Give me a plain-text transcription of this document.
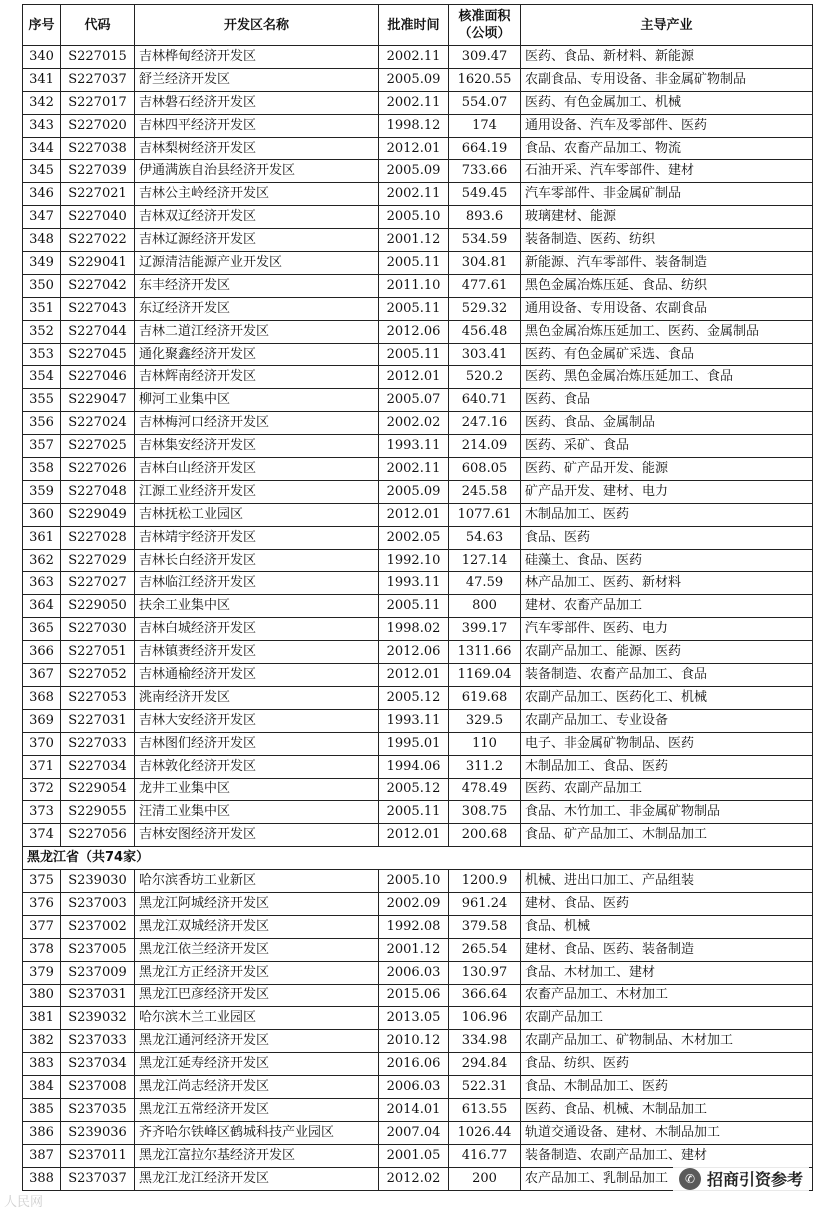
序号	代码	开发区名称	批准时间	核准面积（公顷）	主导产业
340	S227015	吉林桦甸经济开发区	2002.11	309.47	医药、食品、新材料、新能源
341	S227037	舒兰经济开发区	2005.09	1620.55	农副食品、专用设备、非金属矿物制品
342	S227017	吉林磐石经济开发区	2002.11	554.07	医药、有色金属加工、机械
343	S227020	吉林四平经济开发区	1998.12	174	通用设备、汽车及零部件、医药
344	S227038	吉林梨树经济开发区	2012.01	664.19	食品、农畜产品加工、物流
345	S227039	伊通满族自治县经济开发区	2005.09	733.66	石油开采、汽车零部件、建材
346	S227021	吉林公主岭经济开发区	2002.11	549.45	汽车零部件、非金属矿制品
347	S227040	吉林双辽经济开发区	2005.10	893.6	玻璃建材、能源
348	S227022	吉林辽源经济开发区	2001.12	534.59	装备制造、医药、纺织
349	S229041	辽源清洁能源产业开发区	2005.11	304.81	新能源、汽车零部件、装备制造
350	S227042	东丰经济开发区	2011.10	477.61	黑色金属冶炼压延、食品、纺织
351	S227043	东辽经济开发区	2005.11	529.32	通用设备、专用设备、农副食品
352	S227044	吉林二道江经济开发区	2012.06	456.48	黑色金属冶炼压延加工、医药、金属制品
353	S227045	通化聚鑫经济开发区	2005.11	303.41	医药、有色金属矿采选、食品
354	S227046	吉林辉南经济开发区	2012.01	520.2	医药、黑色金属冶炼压延加工、食品
355	S229047	柳河工业集中区	2005.07	640.71	医药、食品
356	S227024	吉林梅河口经济开发区	2002.02	247.16	医药、食品、金属制品
357	S227025	吉林集安经济开发区	1993.11	214.09	医药、采矿、食品
358	S227026	吉林白山经济开发区	2002.11	608.05	医药、矿产品开发、能源
359	S227048	江源工业经济开发区	2005.09	245.58	矿产品开发、建材、电力
360	S229049	吉林抚松工业园区	2012.01	1077.61	木制品加工、医药
361	S227028	吉林靖宇经济开发区	2002.05	54.63	食品、医药
362	S227029	吉林长白经济开发区	1992.10	127.14	硅藻土、食品、医药
363	S227027	吉林临江经济开发区	1993.11	47.59	林产品加工、医药、新材料
364	S229050	扶余工业集中区	2005.11	800	建材、农畜产品加工
365	S227030	吉林白城经济开发区	1998.02	399.17	汽车零部件、医药、电力
366	S227051	吉林镇赉经济开发区	2012.06	1311.66	农副产品加工、能源、医药
367	S227052	吉林通榆经济开发区	2012.01	1169.04	装备制造、农畜产品加工、食品
368	S227053	洮南经济开发区	2005.12	619.68	农副产品加工、医药化工、机械
369	S227031	吉林大安经济开发区	1993.11	329.5	农副产品加工、专业设备
370	S227033	吉林图们经济开发区	1995.01	110	电子、非金属矿物制品、医药
371	S227034	吉林敦化经济开发区	1994.06	311.2	木制品加工、食品、医药
372	S229054	龙井工业集中区	2005.12	478.49	医药、农副产品加工
373	S229055	汪清工业集中区	2005.11	308.75	食品、木竹加工、非金属矿物制品
374	S227056	吉林安图经济开发区	2012.01	200.68	食品、矿产品加工、木制品加工
黑龙江省（共74家）					
375	S239030	哈尔滨香坊工业新区	2005.10	1200.9	机械、进出口加工、产品组装
376	S237003	黑龙江阿城经济开发区	2002.09	961.24	建材、食品、医药
377	S237002	黑龙江双城经济开发区	1992.08	379.58	食品、机械
378	S237005	黑龙江依兰经济开发区	2001.12	265.54	建材、食品、医药、装备制造
379	S237009	黑龙江方正经济开发区	2006.03	130.97	食品、木材加工、建材
380	S237031	黑龙江巴彦经济开发区	2015.06	366.64	农畜产品加工、木材加工
381	S239032	哈尔滨木兰工业园区	2013.05	106.96	农副产品加工
382	S237033	黑龙江通河经济开发区	2010.12	334.98	农副产品加工、矿物制品、木材加工
383	S237034	黑龙江延寿经济开发区	2016.06	294.84	食品、纺织、医药
384	S237008	黑龙江尚志经济开发区	2006.03	522.31	食品、木制品加工、医药
385	S237035	黑龙江五常经济开发区	2014.01	613.55	医药、食品、机械、木制品加工
386	S239036	齐齐哈尔铁峰区鹤城科技产业园区	2007.04	1026.44	轨道交通设备、建材、木制品加工
387	S237011	黑龙江富拉尔基经济开发区	2001.05	416.77	装备制造、农副产品加工、建材
388	S237037	黑龙江龙江经济开发区	2012.02	200	农产品加工、乳制品加工	✆ 招商引资参考
人民网
